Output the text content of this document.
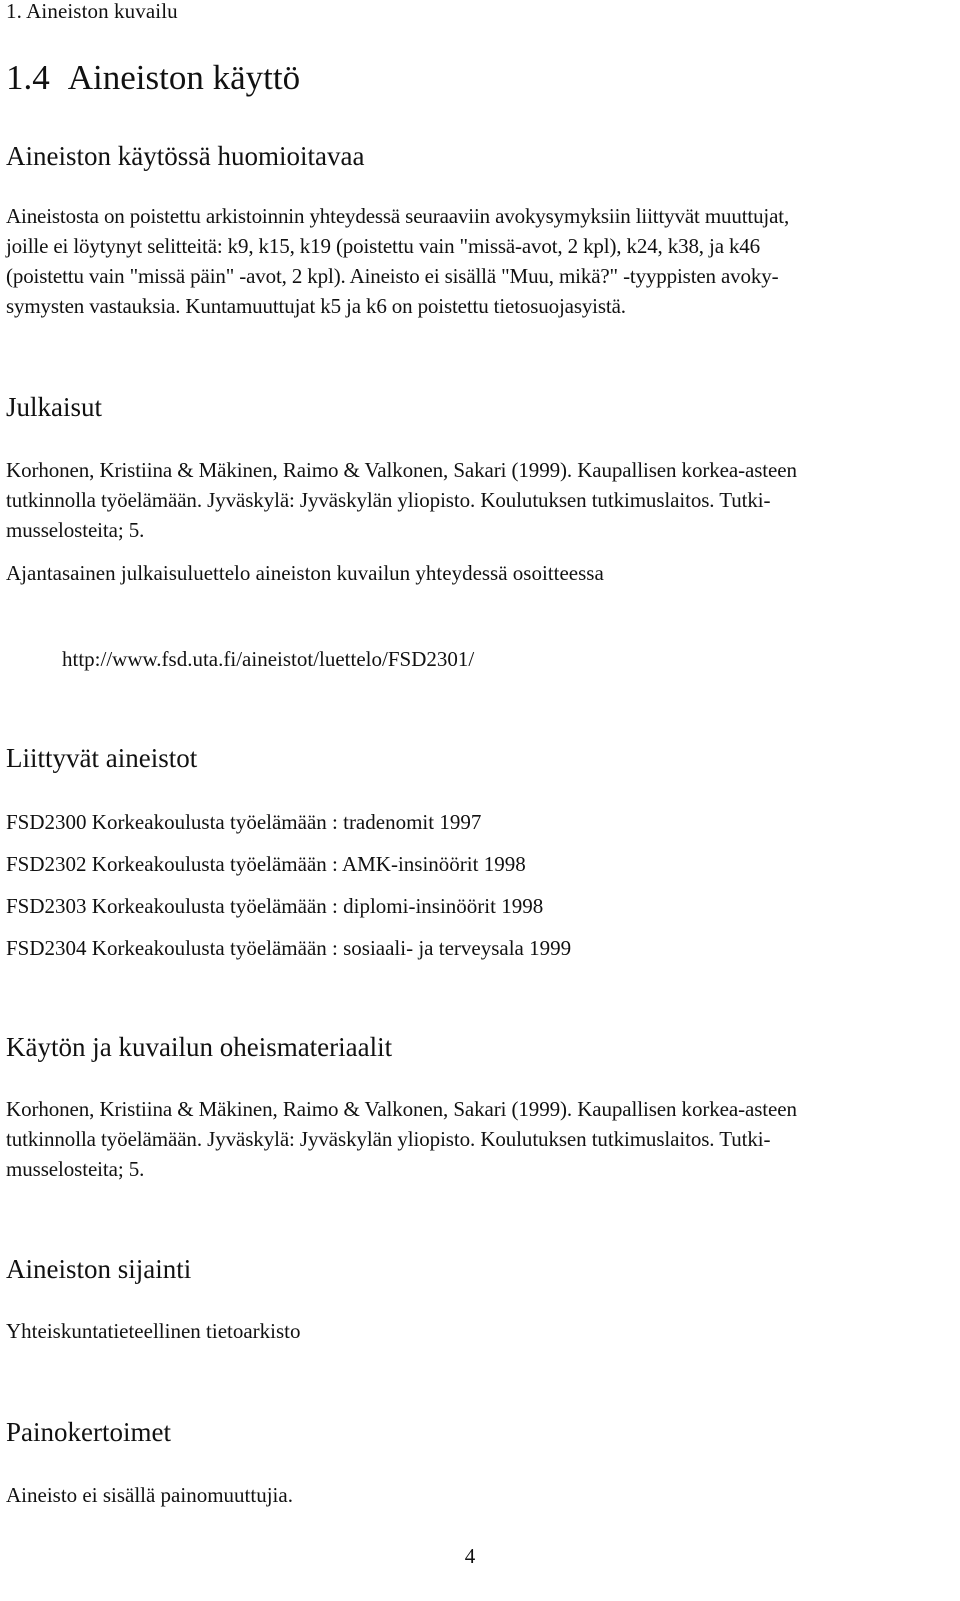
1. Aineiston kuvailu
1.4 Aineiston käyttö
Aineiston käytössä huomioitavaa

Aineistosta on poistettu arkistoinnin yhteydessä seuraaviin avokysymyksiin liittyvät muuttujat,
joille ei löytynyt selitteitä: k9, k15, k19 (poistettu vain "missä-avot, 2 kpl), k24, k38, ja k46
(poistettu vain "missä päin" -avot, 2 kpl). Aineisto ei sisällä "Muu, mikä?" -tyyppisten avoky-
symysten vastauksia. Kuntamuuttujat k5 ja k6 on poistettu tietosuojasyistä.

Julkaisut

Korhonen, Kristiina & Mäkinen, Raimo & Valkonen, Sakari (1999). Kaupallisen korkea-asteen
tutkinnolla työelämään. Jyväskylä: Jyväskylän yliopisto. Koulutuksen tutkimuslaitos. Tutki-
musselosteita; 5.

Ajantasainen julkaisuluettelo aineiston kuvailun yhteydessä osoitteessa

http://www.fsd.uta.fi/aineistot/luettelo/FSD2301/
Liittyvät aineistot
FSD2300 Korkeakoulusta työelämään : tradenomit 1997
FSD2302 Korkeakoulusta työelämään : AMK-insinöörit 1998
FSD2303 Korkeakoulusta työelämään : diplomi-insinöörit 1998
FSD2304 Korkeakoulusta työelämään : sosiaali- ja terveysala 1999
Käytön ja kuvailun oheismateriaalit

Korhonen, Kristiina & Mäkinen, Raimo & Valkonen, Sakari (1999). Kaupallisen korkea-asteen
tutkinnolla työelämään. Jyväskylä: Jyväskylän yliopisto. Koulutuksen tutkimuslaitos. Tutki-
musselosteita; 5.

Aineiston sijainti

Yhteiskuntatieteellinen tietoarkisto

Painokertoimet

Aineisto ei sisällä painomuuttujia.

4
